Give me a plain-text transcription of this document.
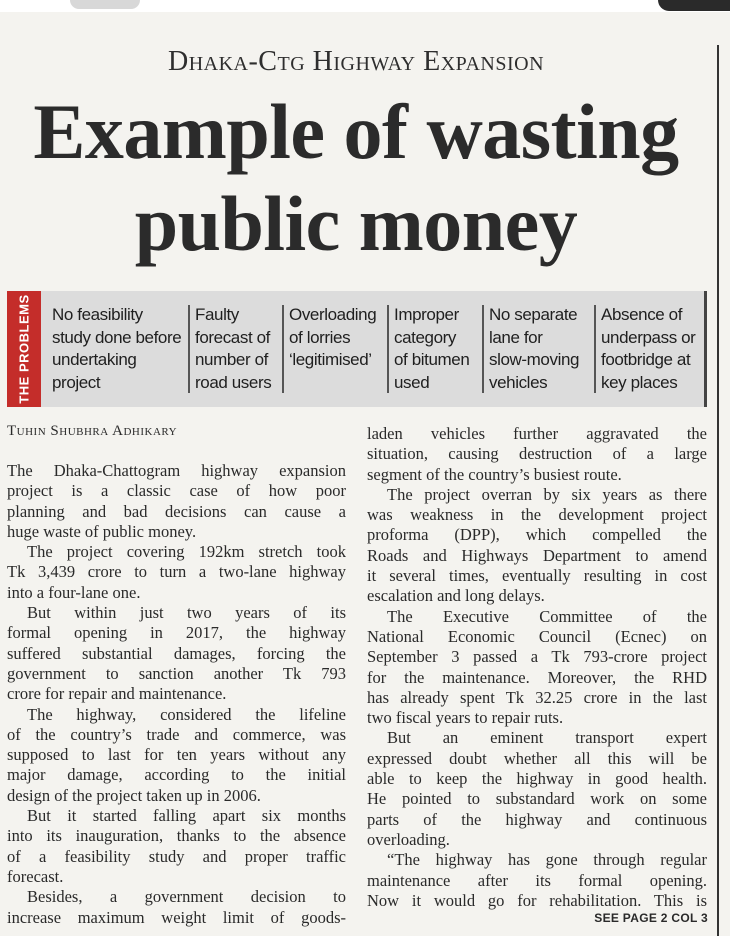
Dhaka-Ctg Highway Expansion
Example of wasting
public money
THE PROBLEMS No feasibility
study done before
undertaking
project
Faulty
forecast of
number of
road users
Overloading
of lorries
‘legitimised’
Improper
category
of bitumen
used
No separate
lane for
slow-moving
vehicles
Absence of
underpass or
footbridge at
key places
Tuhin Shubhra Adhikary
The Dhaka-Chattogram highway expansion
project is a classic case of how poor
planning and bad decisions can cause a
huge waste of public money.
The project covering 192km stretch took
Tk 3,439 crore to turn a two-lane highway
into a four-lane one.
But within just two years of its
formal opening in 2017, the highway
suffered substantial damages, forcing the
government to sanction another Tk 793
crore for repair and maintenance.
The highway, considered the lifeline
of the country’s trade and commerce, was
supposed to last for ten years without any
major damage, according to the initial
design of the project taken up in 2006.
But it started falling apart six months
into its inauguration, thanks to the absence
of a feasibility study and proper traffic
forecast.
Besides, a government decision to
increase maximum weight limit of goods-
laden vehicles further aggravated the
situation, causing destruction of a large
segment of the country’s busiest route.
The project overran by six years as there
was weakness in the development project
proforma (DPP), which compelled the
Roads and Highways Department to amend
it several times, eventually resulting in cost
escalation and long delays.
The Executive Committee of the
National Economic Council (Ecnec) on
September 3 passed a Tk 793-crore project
for the maintenance. Moreover, the RHD
has already spent Tk 32.25 crore in the last
two fiscal years to repair ruts.
But an eminent transport expert
expressed doubt whether all this will be
able to keep the highway in good health.
He pointed to substandard work on some
parts of the highway and continuous
overloading.
“The highway has gone through regular
maintenance after its formal opening.
Now it would go for rehabilitation. This is
SEE PAGE 2 COL 3
